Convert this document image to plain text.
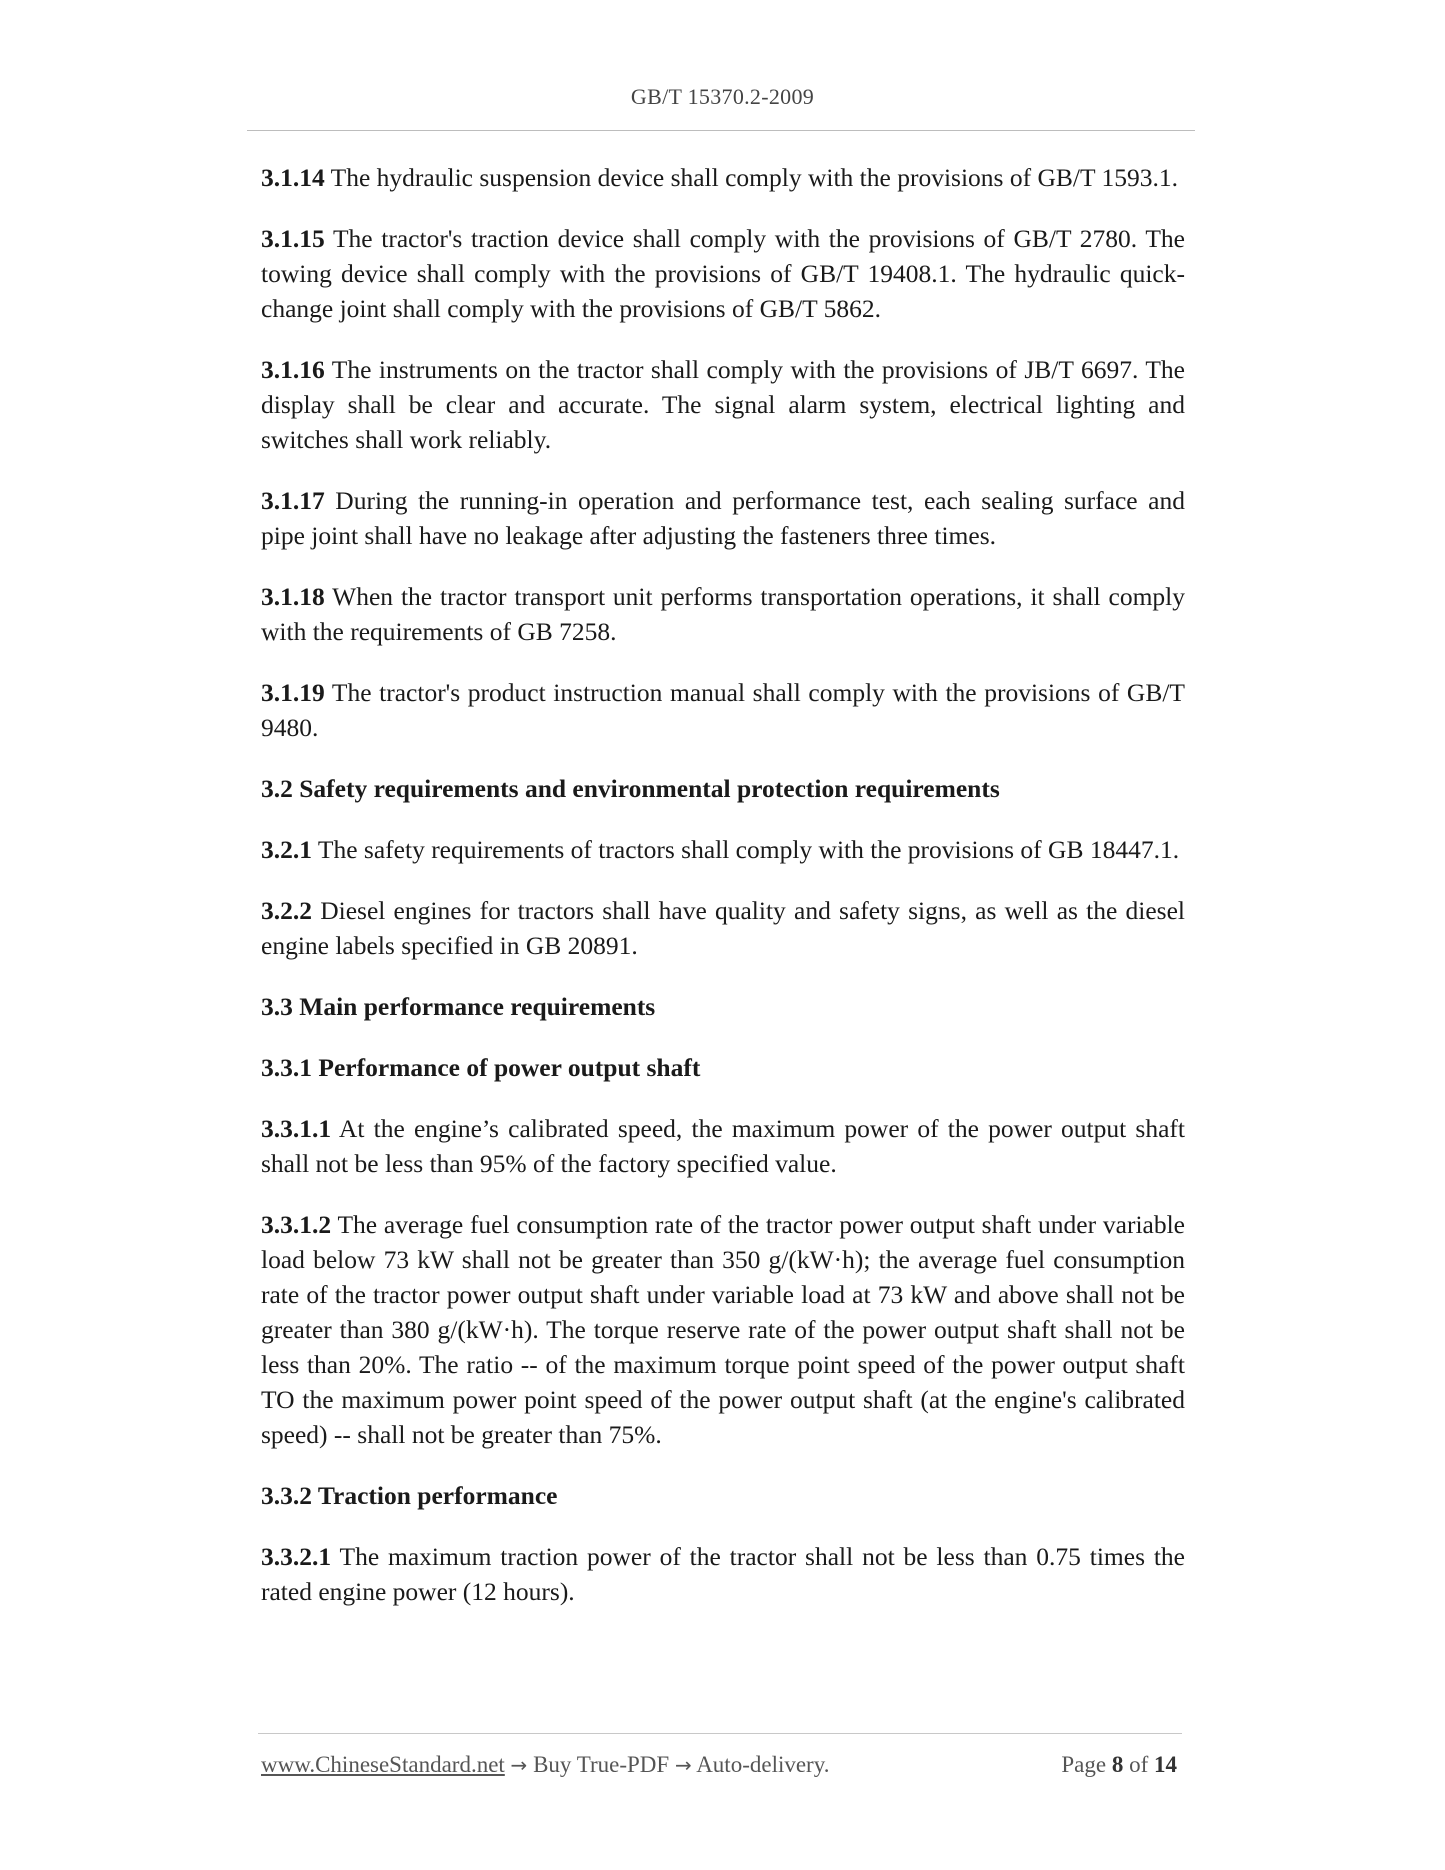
GB/T 15370.2-2009

3.1.14 The hydraulic suspension device shall comply with the provisions of GB/T 1593.1.

3.1.15 The tractor's traction device shall comply with the provisions of GB/T 2780. The towing device shall comply with the provisions of GB/T 19408.1. The hydraulic quick-change joint shall comply with the provisions of GB/T 5862.

3.1.16 The instruments on the tractor shall comply with the provisions of JB/T 6697. The display shall be clear and accurate. The signal alarm system, electrical lighting and switches shall work reliably.

3.1.17 During the running-in operation and performance test, each sealing surface and pipe joint shall have no leakage after adjusting the fasteners three times.

3.1.18 When the tractor transport unit performs transportation operations, it shall comply with the requirements of GB 7258.

3.1.19 The tractor's product instruction manual shall comply with the provisions of GB/T 9480.

3.2 Safety requirements and environmental protection requirements

3.2.1 The safety requirements of tractors shall comply with the provisions of GB 18447.1.

3.2.2 Diesel engines for tractors shall have quality and safety signs, as well as the diesel engine labels specified in GB 20891.

3.3 Main performance requirements

3.3.1 Performance of power output shaft

3.3.1.1 At the engine’s calibrated speed, the maximum power of the power output shaft shall not be less than 95% of the factory specified value.

3.3.1.2 The average fuel consumption rate of the tractor power output shaft under variable load below 73 kW shall not be greater than 350 g/(kW·h); the average fuel consumption rate of the tractor power output shaft under variable load at 73 kW and above shall not be greater than 380 g/(kW·h). The torque reserve rate of the power output shaft shall not be less than 20%. The ratio -- of the maximum torque point speed of the power output shaft TO the maximum power point speed of the power output shaft (at the engine's calibrated speed) -- shall not be greater than 75%.

3.3.2 Traction performance

3.3.2.1 The maximum traction power of the tractor shall not be less than 0.75 times the rated engine power (12 hours).

www.ChineseStandard.net → Buy True-PDF → Auto-delivery.	Page 8 of 14
